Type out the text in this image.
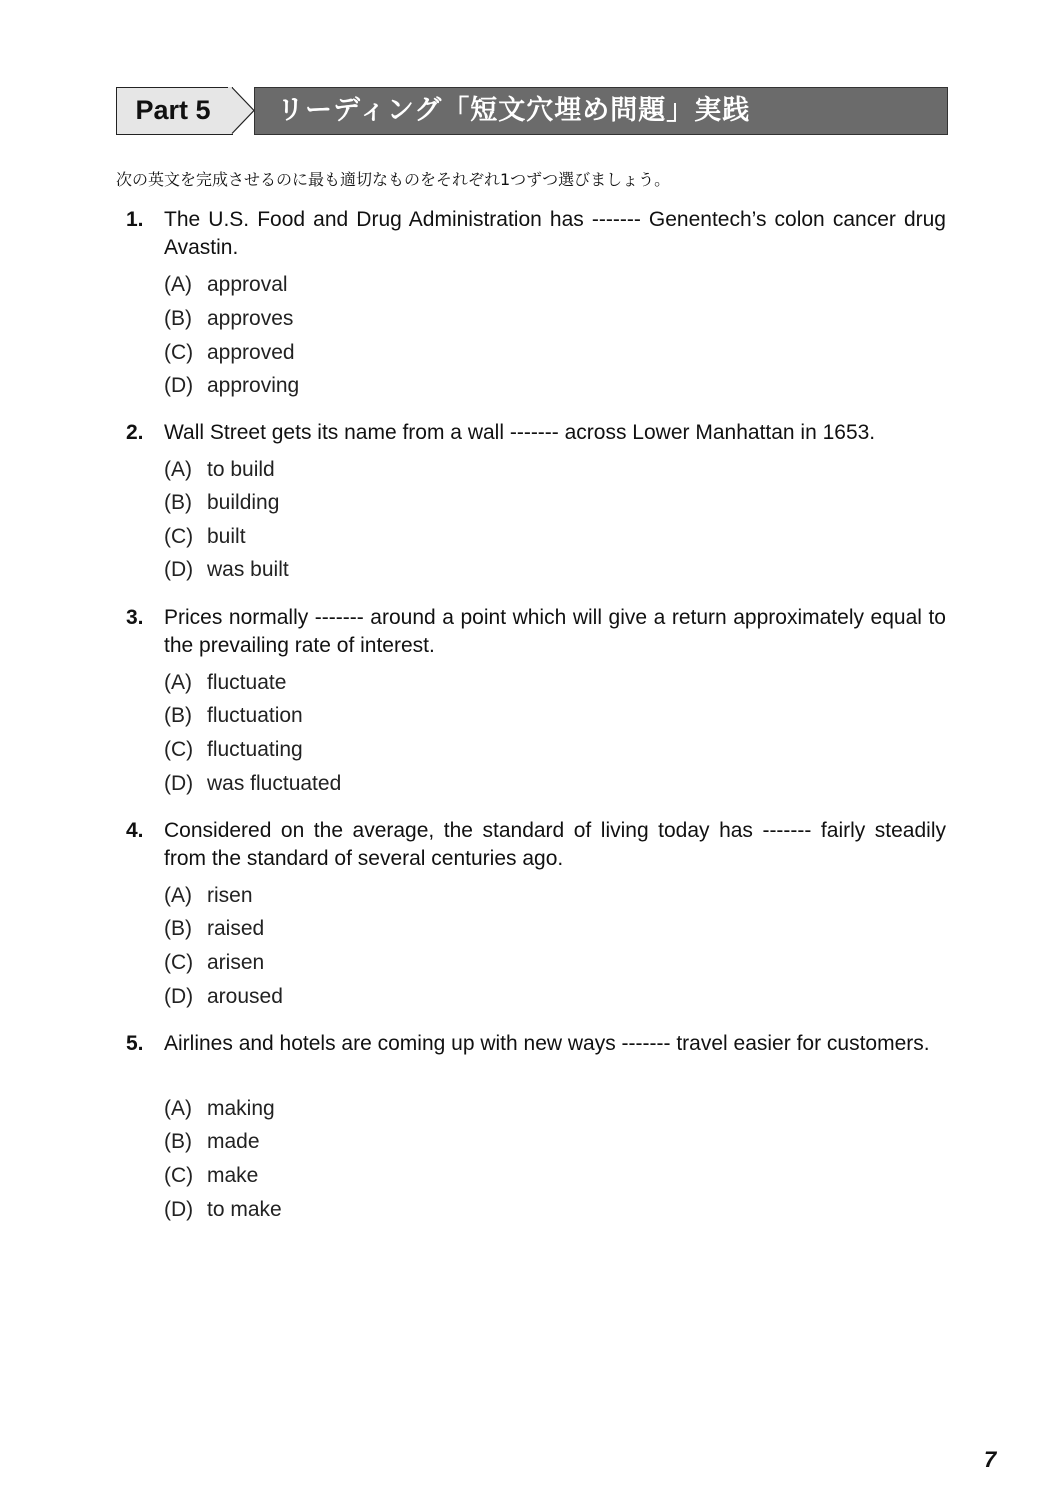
Part 5	リーディング「短文穴埋め問題」実践
次の英文を完成させるのに最も適切なものをそれぞれ1つずつ選びましょう。
1. The U.S. Food and Drug Administration has ------- Genentech’s colon cancer drug Avastin.
(A) approval
(B) approves
(C) approved
(D) approving
2. Wall Street gets its name from a wall ------- across Lower Manhattan in 1653.
(A) to build
(B) building
(C) built
(D) was built
3. Prices normally ------- around a point which will give a return approximately equal to the prevailing rate of interest.
(A) fluctuate
(B) fluctuation
(C) fluctuating
(D) was fluctuated
4. Considered on the average, the standard of living today has ------- fairly steadily from the standard of several centuries ago.
(A) risen
(B) raised
(C) arisen
(D) aroused
5. Airlines and hotels are coming up with new ways ------- travel easier for customers.
(A) making
(B) made
(C) make
(D) to make
7
